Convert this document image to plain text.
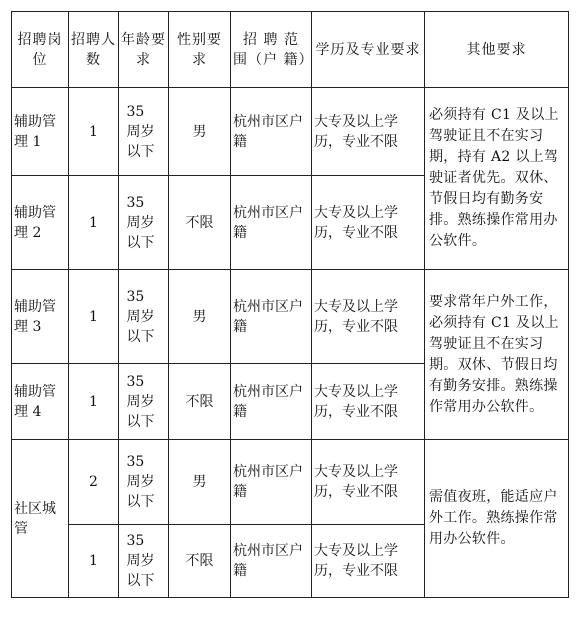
招聘岗位	招聘人数	年龄要求	性别要求	招 聘 范 围（户 籍）	学历及专业要求	其他要求
辅助管理 1	1	35 周岁以下	男	杭州市区户籍	大专及以上学历，专业不限	必须持有 C1 及以上驾驶证且不在实习期，持有 A2 以上驾驶证者优先。双休、节假日均有勤务安排。熟练操作常用办公软件。
辅助管理 2	1	35 周岁以下	不限	杭州市区户籍	大专及以上学历，专业不限	
辅助管理 3	1	35 周岁以下	男	杭州市区户籍	大专及以上学历，专业不限	要求常年户外工作，必须持有 C1 及以上驾驶证且不在实习期。双休、节假日均有勤务安排。熟练操作常用办公软件。
辅助管理 4	1	35 周岁以下	不限	杭州市区户籍	大专及以上学历，专业不限	
社区城管	2	35 周岁以下	男	杭州市区户籍	大专及以上学历，专业不限	需值夜班，能适应户外工作。熟练操作常用办公软件。
	1	35 周岁以下	不限	杭州市区户籍	大专及以上学历，专业不限	
